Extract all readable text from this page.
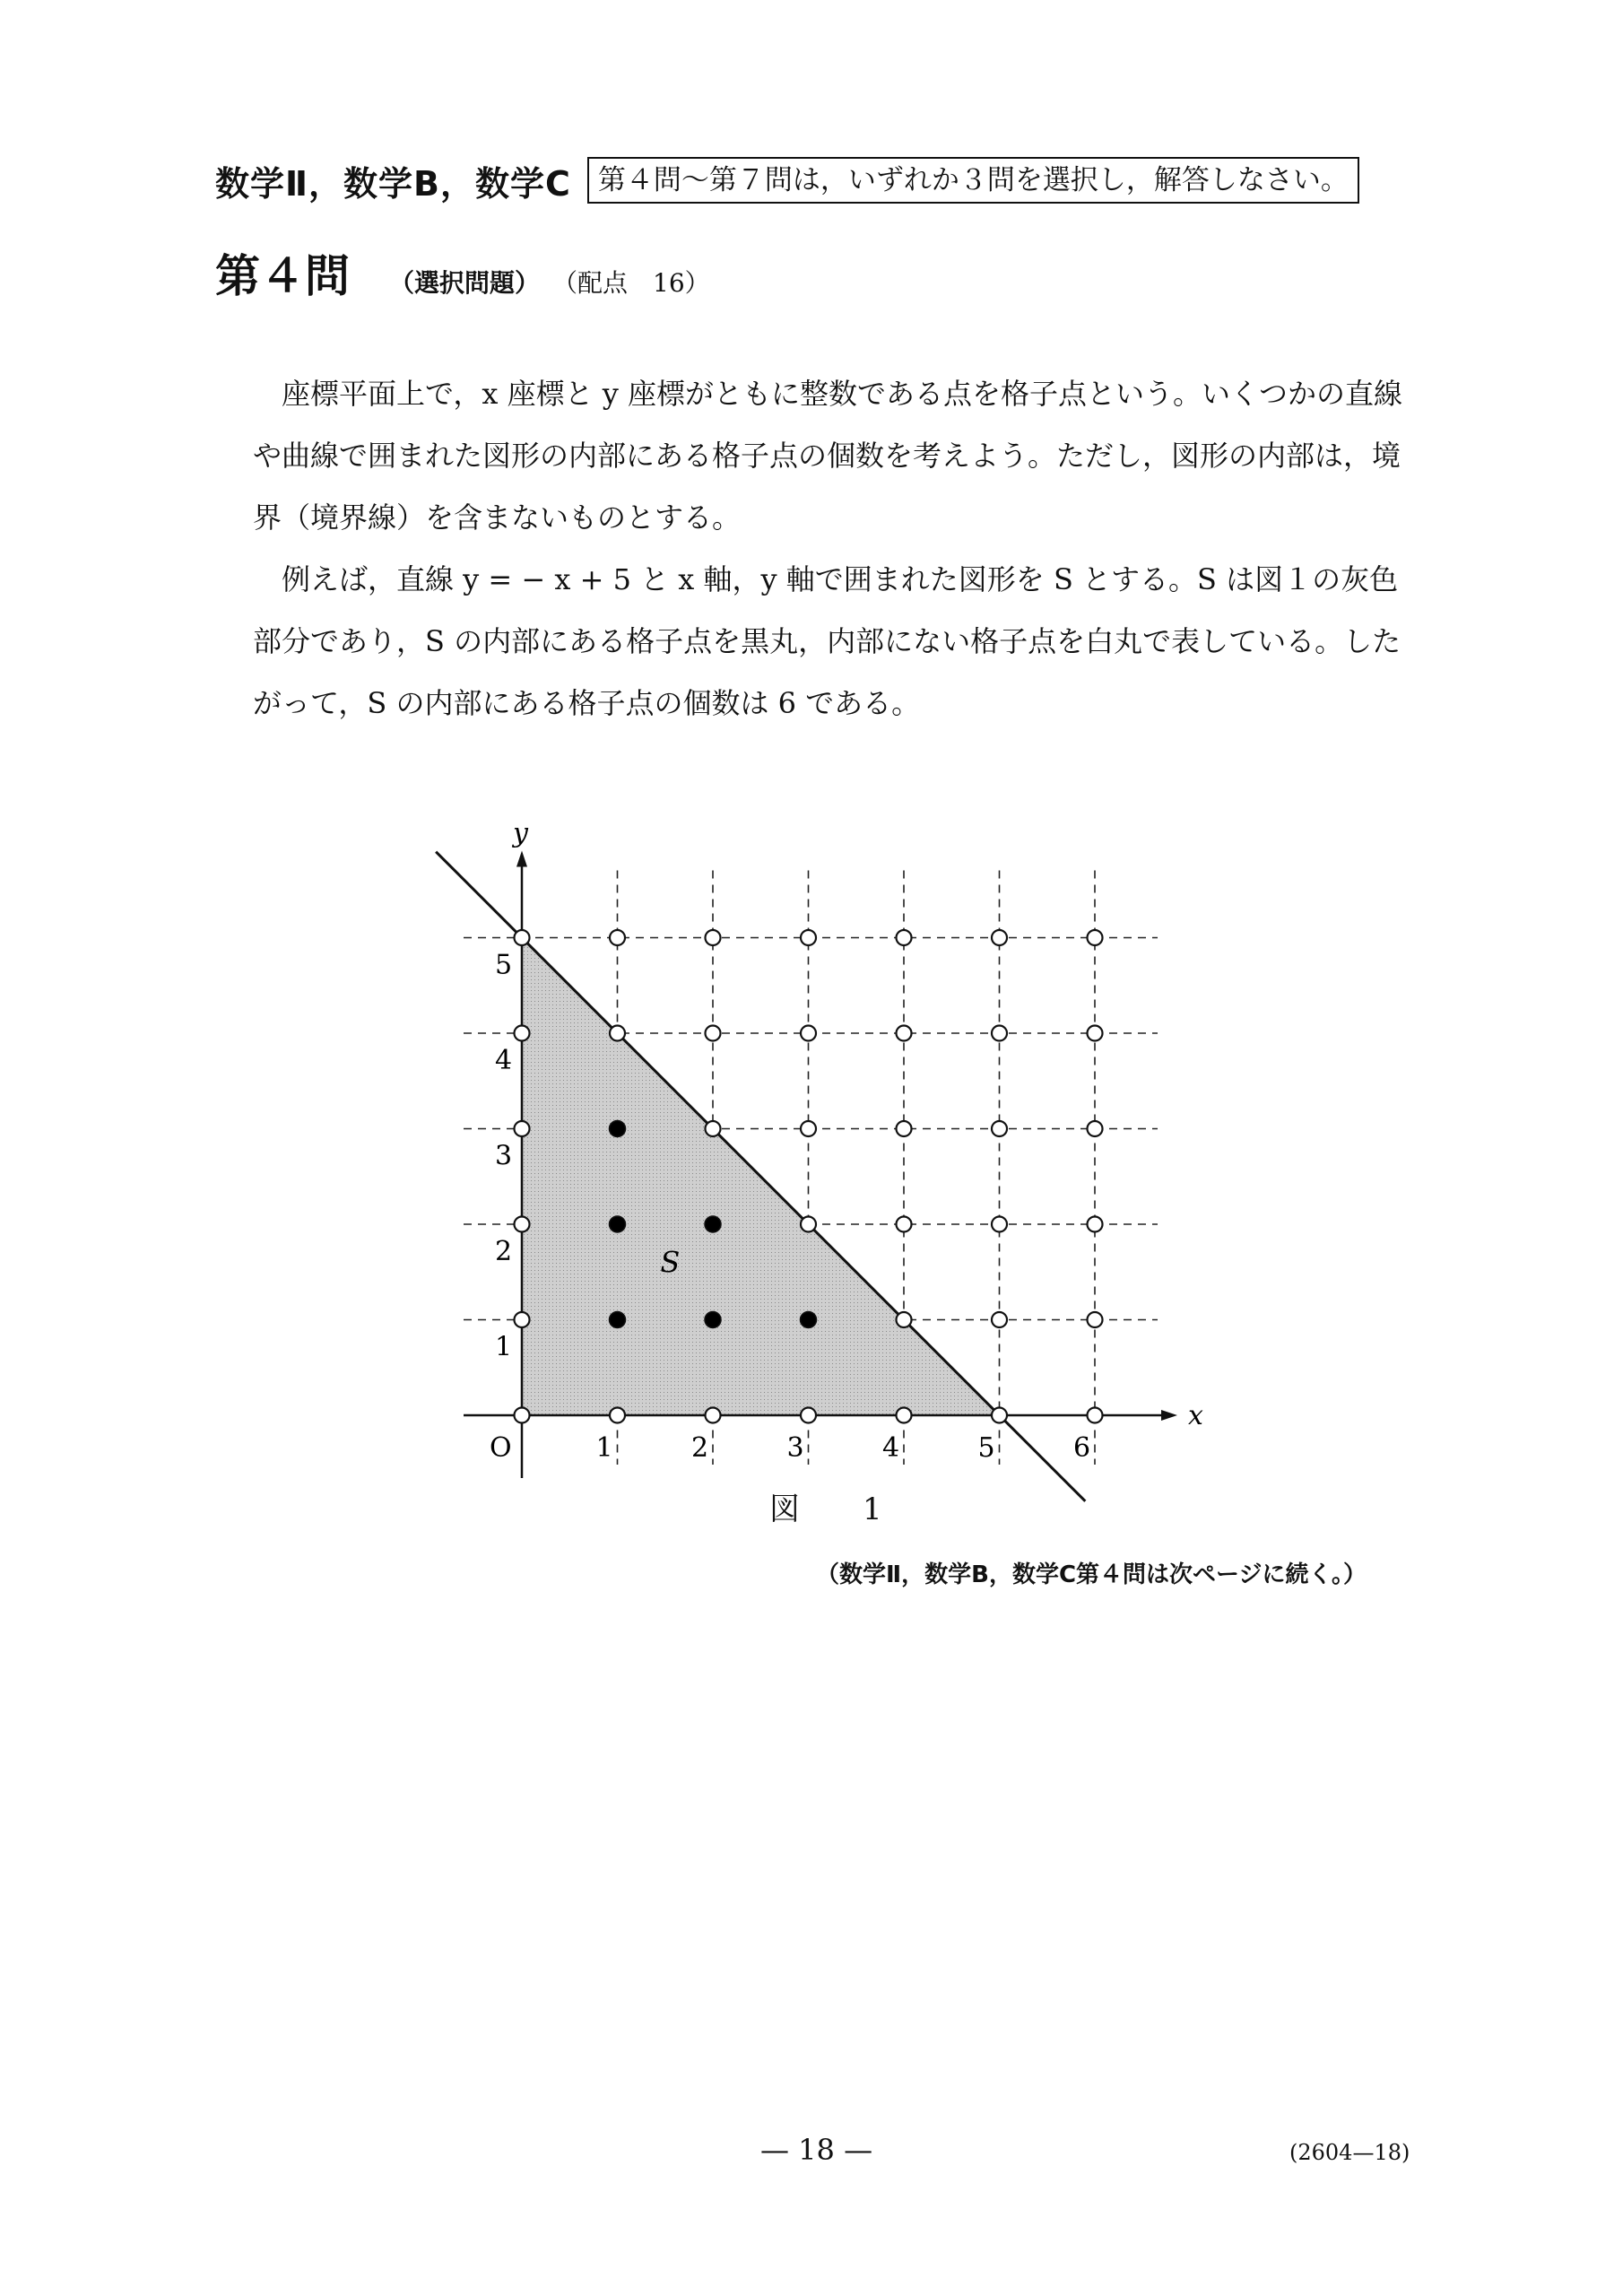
数学Ⅱ，数学B，数学C 第４問～第７問は，いずれか３問を選択し，解答しなさい。
第４問 （選択問題） （配点　16）

座標平面上で，x 座標と y 座標がともに整数である点を格子点という。いくつかの直線や曲線で囲まれた図形の内部にある格子点の個数を考えよう。ただし，図形の内部は，境界（境界線）を含まないものとする。

例えば，直線 y = − x + 5 と x 軸，y 軸で囲まれた図形を S とする。S は図１の灰色部分であり，S の内部にある格子点を黒丸，内部にない格子点を白丸で表している。したがって，S の内部にある格子点の個数は 6 である。

x
y
O
S
1	2	3	4	5	6
1
2
3
4
5
図　1
（数学Ⅱ，数学B，数学C第４問は次ページに続く。）
— 18 —	(2604—18)
